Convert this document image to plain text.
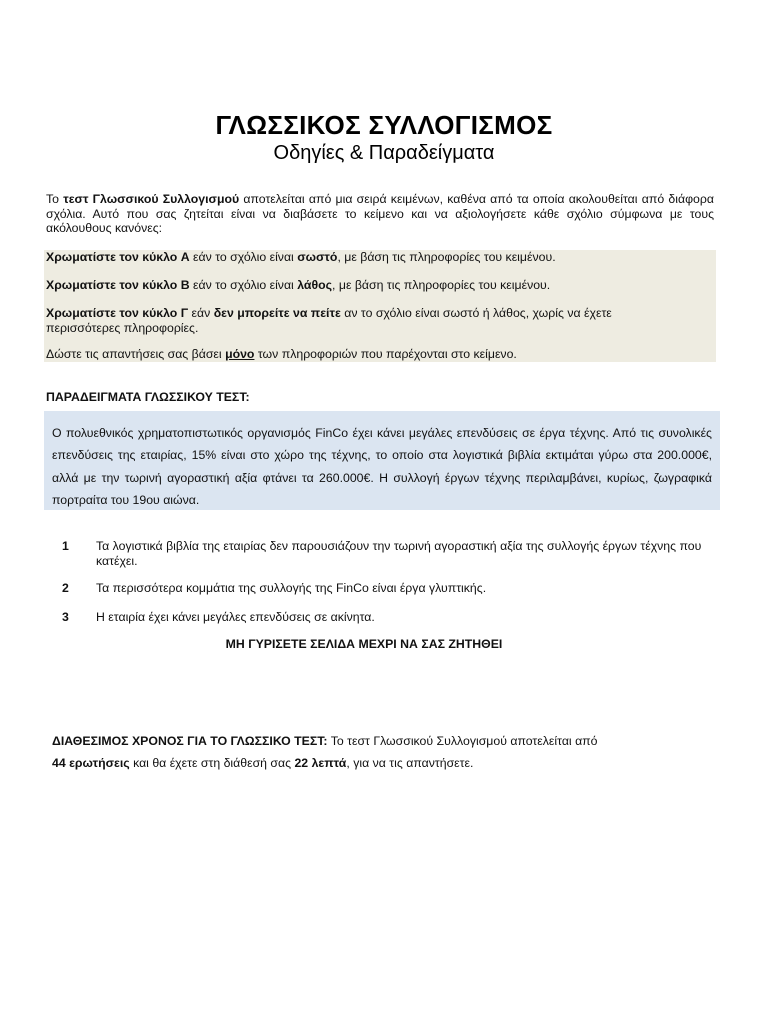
ΓΛΩΣΣΙΚΟΣ ΣΥΛΛΟΓΙΣΜΟΣ
Οδηγίες & Παραδείγματα

Το τεστ Γλωσσικού Συλλογισμού αποτελείται από μια σειρά κειμένων, καθένα από τα οποία ακολουθείται από διάφορα σχόλια. Αυτό που σας ζητείται είναι να διαβάσετε το κείμενο και να αξιολογήσετε κάθε σχόλιο σύμφωνα με τους ακόλουθους κανόνες:

Χρωματίστε τον κύκλο A εάν το σχόλιο είναι σωστό, με βάση τις πληροφορίες του κειμένου.

Χρωματίστε τον κύκλο B εάν το σχόλιο είναι λάθος, με βάση τις πληροφορίες του κειμένου.

Χρωματίστε τον κύκλο Γ εάν δεν μπορείτε να πείτε αν το σχόλιο είναι σωστό ή λάθος, χωρίς να έχετε περισσότερες πληροφορίες.

Δώστε τις απαντήσεις σας βάσει μόνο των πληροφοριών που παρέχονται στο κείμενο.

ΠΑΡΑΔΕΙΓΜΑΤΑ ΓΛΩΣΣΙΚΟΥ ΤΕΣΤ:

Ο πολυεθνικός χρηματοπιστωτικός οργανισμός FinCo έχει κάνει μεγάλες επενδύσεις σε έργα τέχνης. Από τις συνολικές επενδύσεις της εταιρίας, 15% είναι στο χώρο της τέχνης, το οποίο στα λογιστικά βιβλία εκτιμάται γύρω στα 200.000€, αλλά με την τωρινή αγοραστική αξία φτάνει τα 260.000€. Η συλλογή έργων τέχνης περιλαμβάνει, κυρίως, ζωγραφικά πορτραίτα του 19ου αιώνα.

1 Τα λογιστικά βιβλία της εταιρίας δεν παρουσιάζουν την τωρινή αγοραστική αξία της συλλογής έργων τέχνης που κατέχει.
2 Τα περισσότερα κομμάτια της συλλογής της FinCo είναι έργα γλυπτικής.
3 Η εταιρία έχει κάνει μεγάλες επενδύσεις σε ακίνητα.
ΜΗ ΓΥΡΙΣΕΤΕ ΣΕΛΙΔΑ ΜΕΧΡΙ ΝΑ ΣΑΣ ΖΗΤΗΘΕΙ

ΔΙΑΘΕΣΙΜΟΣ ΧΡΟΝΟΣ ΓΙΑ ΤΟ ΓΛΩΣΣΙΚΟ ΤΕΣΤ: Το τεστ Γλωσσικού Συλλογισμού αποτελείται από
44 ερωτήσεις και θα έχετε στη διάθεσή σας 22 λεπτά, για να τις απαντήσετε.
